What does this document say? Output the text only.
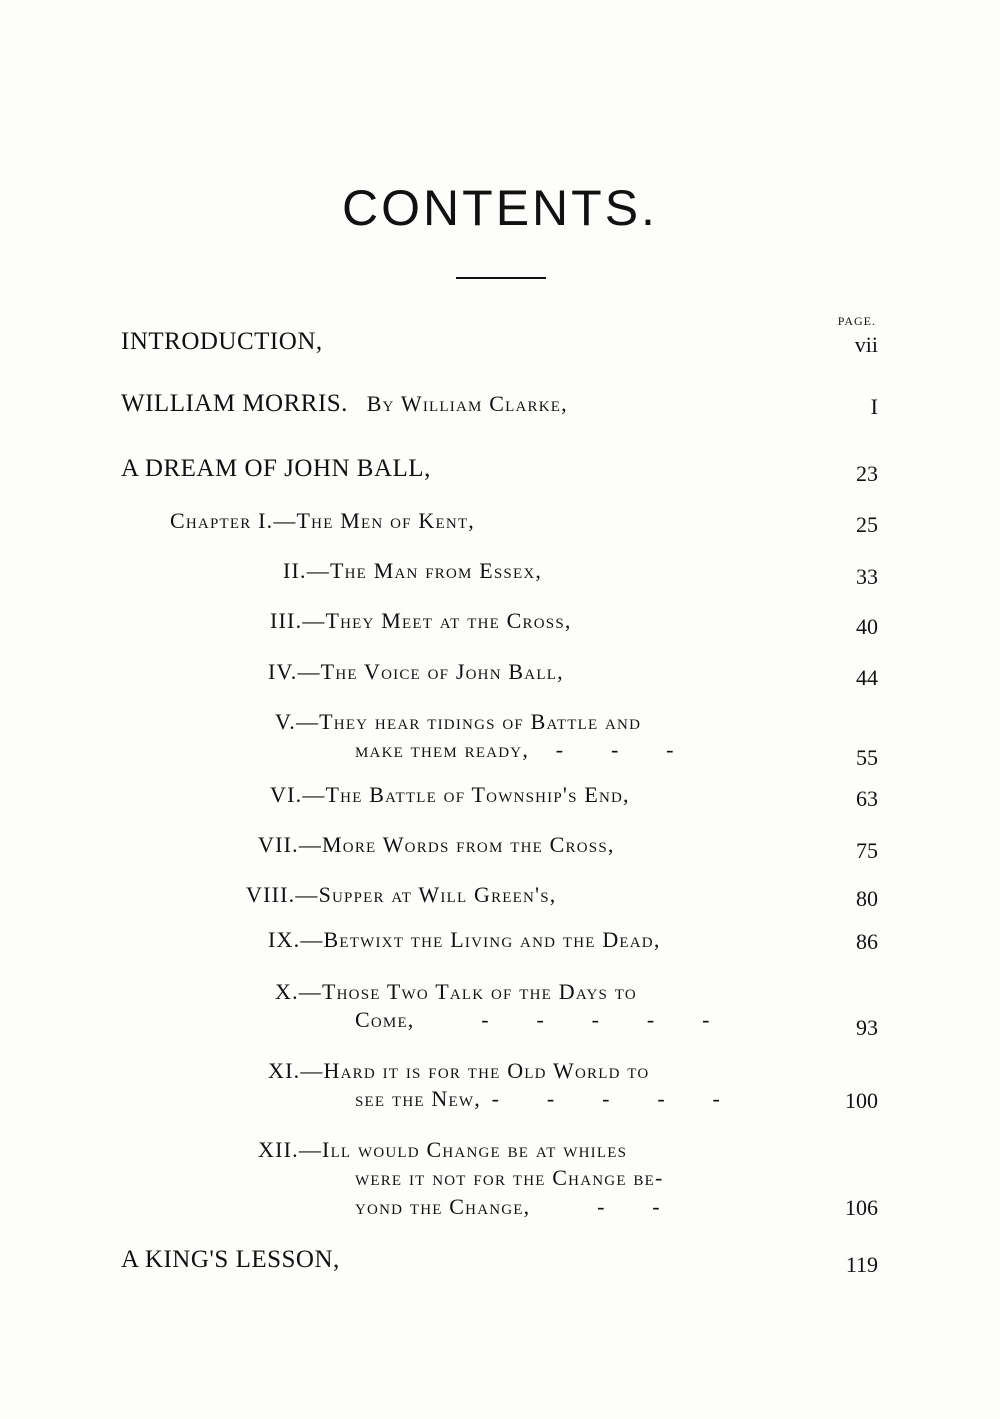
CONTENTS.
PAGE.
INTRODUCTION,	vii
WILLIAM MORRIS. By William Clarke,	I
A DREAM OF JOHN BALL,	23
Chapter I.—The Men of Kent,	25
II.—The Man from Essex,	33
III.—They Meet at the Cross,	40
IV.—The Voice of John Ball,	44
V.—They hear tidings of Battle and
make them ready, - - -	55
VI.—The Battle of Township's End,	63
VII.—More Words from the Cross,	75
VIII.—Supper at Will Green's,	80
IX.—Betwixt the Living and the Dead,	86
X.—Those Two Talk of the Days to
Come,	- - - - -	93
XI.—Hard it is for the Old World to
see the New, - - - - -	100
XII.—Ill would Change be at whiles
were it not for the Change be-
yond the Change,	- -	106
A KING'S LESSON,	119
